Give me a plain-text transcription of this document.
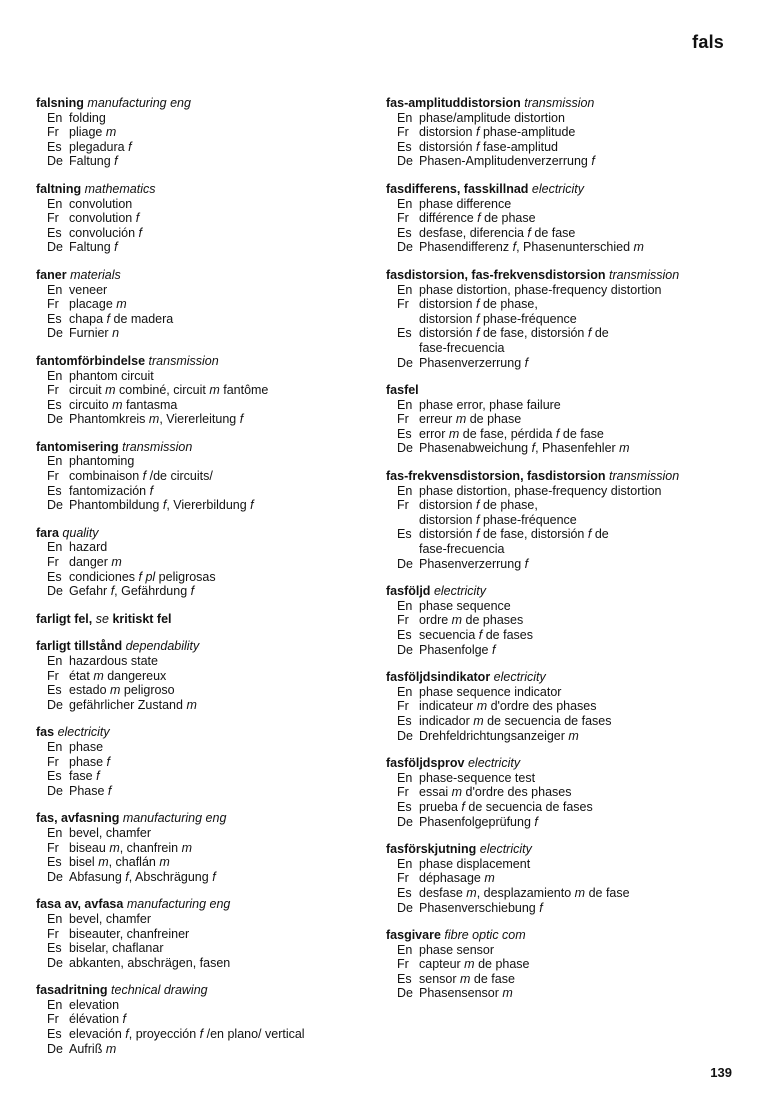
fals
falsning manufacturing eng
En folding
Fr pliage m
Es plegadura f
De Faltung f
faltning mathematics
En convolution
Fr convolution f
Es convolución f
De Faltung f
faner materials
En veneer
Fr placage m
Es chapa f de madera
De Furnier n
fantomförbindelse transmission
En phantom circuit
Fr circuit m combiné, circuit m fantôme
Es circuito m fantasma
De Phantomkreis m, Viererleitung f
fantomisering transmission
En phantoming
Fr combinaison f /de circuits/
Es fantomización f
De Phantombildung f, Viererbildung f
fara quality
En hazard
Fr danger m
Es condiciones f pl peligrosas
De Gefahr f, Gefährdung f
farligt fel, se kritiskt fel
farligt tillstånd dependability
En hazardous state
Fr état m dangereux
Es estado m peligroso
De gefährlicher Zustand m
fas electricity
En phase
Fr phase f
Es fase f
De Phase f
fas, avfasning manufacturing eng
En bevel, chamfer
Fr biseau m, chanfrein m
Es bisel m, chaflán m
De Abfasung f, Abschrägung f
fasa av, avfasa manufacturing eng
En bevel, chamfer
Fr biseauter, chanfreiner
Es biselar, chaflanar
De abkanten, abschrägen, fasen
fasadritning technical drawing
En elevation
Fr élévation f
Es elevación f, proyección f /en plano/ vertical
De Aufriß m
fas-amplituddistorsion transmission
En phase/amplitude distortion
Fr distorsion f phase-amplitude
Es distorsión f fase-amplitud
De Phasen-Amplitudenverzerrung f
fasdifferens, fasskillnad electricity
En phase difference
Fr différence f de phase
Es desfase, diferencia f de fase
De Phasendifferenz f, Phasenunterschied m
fasdistorsion, fas-frekvensdistorsion transmission
En phase distortion, phase-frequency distortion
Fr distorsion f de phase,
distorsion f phase-fréquence
Es distorsión f de fase, distorsión f de
fase-frecuencia
De Phasenverzerrung f
fasfel
En phase error, phase failure
Fr erreur m de phase
Es error m de fase, pérdida f de fase
De Phasenabweichung f, Phasenfehler m
fas-frekvensdistorsion, fasdistorsion transmission
En phase distortion, phase-frequency distortion
Fr distorsion f de phase,
distorsion f phase-fréquence
Es distorsión f de fase, distorsión f de
fase-frecuencia
De Phasenverzerrung f
fasföljd electricity
En phase sequence
Fr ordre m de phases
Es secuencia f de fases
De Phasenfolge f
fasföljdsindikator electricity
En phase sequence indicator
Fr indicateur m d'ordre des phases
Es indicador m de secuencia de fases
De Drehfeldrichtungsanzeiger m
fasföljdsprov electricity
En phase-sequence test
Fr essai m d'ordre des phases
Es prueba f de secuencia de fases
De Phasenfolgeprüfung f
fasförskjutning electricity
En phase displacement
Fr déphasage m
Es desfase m, desplazamiento m de fase
De Phasenverschiebung f
fasgivare fibre optic com
En phase sensor
Fr capteur m de phase
Es sensor m de fase
De Phasensensor m
139
